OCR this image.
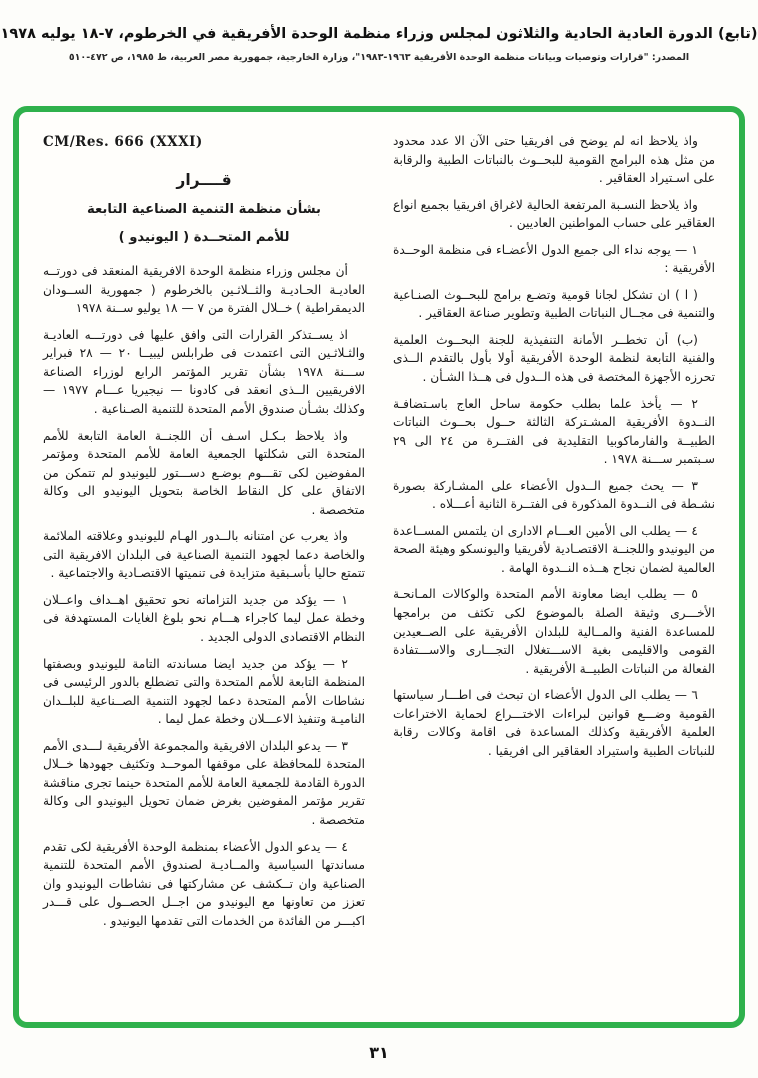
(تابع) الدورة العادية الحادية والثلاثون لمجلس وزراء منظمة الوحدة الأفريقية في الخرطوم، ٧-١٨ يوليه ١٩٧٨
المصدر: "قرارات وتوصيات وبيانات منظمة الوحدة الأفريقية ١٩٦٣-١٩٨٣"، وزارة الخارجية، جمهورية مصر العربية، ط ١٩٨٥، ص ٤٧٢-٥١٠

واذ يلاحظ انه لم يوضح فى افريقيا حتى الآن الا عدد محدود من مثل هذه البرامج القومية للبحــوث بالنباتات الطبية والرقابة على اسـتيراد العقاقير .

واذ يلاحظ النسـبة المرتفعة الحالية لاغراق افريقيا بجميع انواع العقاقير على حساب المواطنين العاديين .

١ — يوجه نداء الى جميع الدول الأعضـاء فى منظمة الوحــدة الأفريقية :

( ا ) ان تشكل لجانا قومية وتضـع برامج للبحــوث الصنـاعية والتنمية فى مجــال النباتات الطبية وتطوير صناعة العقاقير .

(ب) أن تخطــر الأمانة التنفيذية للجنة البحــوث العلمية والفنية التابعة لنظمة الوحدة الأفريقية أولا بأول بالتقدم الــذى تحرزه الأجهزة المختصة فى هذه الــدول فى هــذا الشـأن .

٢ — يأخذ علما بطلب حكومة ساحل العاج باسـتضافـة النــدوة الأفريقية المشـتركة الثالثة حــول بحــوث النباتات الطبيــة والفارماكوبيا التقليدية فى الفتــرة من ٢٤ الى ٢٩ سـبتمبر ســـنة ١٩٧٨ .

٣ — يحث جميع الــدول الأعضاء على المشـاركة بصورة نشـطة فى النــدوة المذكورة فى الفتــرة الثانية أعـــلاه .

٤ — يطلب الى الأمين العـــام الادارى ان يلتمس المســاعدة من اليونيدو واللجنــة الاقتصـادية لأفريقيا واليونسكو وهيئة الصحة العالمية لضمان نجاح هــذه النــدوة الهامة .

٥ — يطلب ايضا معاونة الأمم المتحدة والوكالات المـانحـة الأخـــرى وثيقة الصلة بالموضوع لكى تكثف من برامجها للمساعدة الفنية والمــالية للبلدان الأفريقية على الصــعيدين القومى والاقليمى بغية الاســـتغلال التجـــارى والاســـتفادة الفعالة من النباتات الطبيــة الأفريقية .

٦ — يطلب الى الدول الأعضاء ان تبحث فى اطـــار سياستها القومية وضـــع قوانين لبراءات الاختـــراع لحماية الاختراعات العلمية الأفريقية وكذلك المساعدة فى اقامة وكالات رقابة للنباتات الطبية واستيراد العقاقير الى افريقيا .

CM/Res. 666 (XXXI)

قــــرار

بشأن منظمة التنمية الصناعية التابعة

للأمم المتحــدة ( اليونيدو )

أن مجلس وزراء منظمة الوحدة الافريقية المنعقد فى دورتــه العاديـة الحـاديـة والثــلاثـين بالخرطوم ( جمهورية الســودان الديمقراطية ) خــلال الفترة من ٧ — ١٨ يوليو ســنة ١٩٧٨

اذ يســتذكر القرارات التى وافق عليها فى دورتـــه العاديـة والثـلاثـين التى اعتمدت فى طرابلس ليبيــا ٢٠ — ٢٨ فبراير ســـنة ١٩٧٨ بشأن تقرير المؤتمر الرابع لوزراء الصناعة الافريقيين الــذى انعقد فى كادونا — نيجيريا عـــام ١٩٧٧ — وكذلك بشـأن صندوق الأمم المتحدة للتنمية الصـناعية .

واذ يلاحظ بـكـل اسـف أن اللجنــة العامة التابعة للأمم المتحدة التى شكلتها الجمعية العامة للأمم المتحدة ومؤتمر المفوضين لكى تقـــوم بوضـع دســـتور لليونيدو لم تتمكن من الاتفاق على كل النقاط الخاصة بتحويل اليونيدو الى وكالة متخصصة .

واذ يعرب عن امتنانه بالــدور الهـام لليونيدو وعلاقته الملائمة والخاصة دعما لجهود التنمية الصناعية فى البلدان الافريقية التى تتمتع حاليا بأسـبقية متزايدة فى تنميتها الاقتصـادية والاجتماعية .

١ — يؤكد من جديد التزاماته نحو تحقيق اهــداف واعــلان وخطة عمل ليما كاجراء هـــام نحو بلوغ الغايات المستهدفة فى النظام الاقتصادى الدولى الجديد .

٢ — يؤكد من جديد ايضا مساندته التامة لليونيدو وبصفتها المنظمة التابعة للأمم المتحدة والتى تضطلع بالدور الرئيسى فى نشاطات الأمم المتحدة دعما لجهود التنمية الصــناعية للبلــدان الناميـة وتنفيذ الاعـــلان وخطة عمل ليما .

٣ — يدعو البلدان الافريقية والمجموعة الأفريقية لـــدى الأمم المتحدة للمحافظة على موقفها الموحــد وتكثيف جهودها خــلال الدورة القادمة للجمعية العامة للأمم المتحدة حينما تجرى مناقشة تقرير مؤتمر المفوضين بغرض ضمان تحويل اليونيدو الى وكالة متخصصة .

٤ — يدعو الدول الأعضاء بمنظمة الوحدة الأفريقية لكى تقدم مساندتها السياسية والمــاديـة لصندوق الأمم المتحدة للتنمية الصناعية وان تــكشف عن مشاركتها فى نشاطات اليونيدو وان تعزز من تعاونها مع اليونيدو من اجــل الحصــول على قـــدر اكبـــر من الفائدة من الخدمات التى تقدمها اليونيدو .

٣١
